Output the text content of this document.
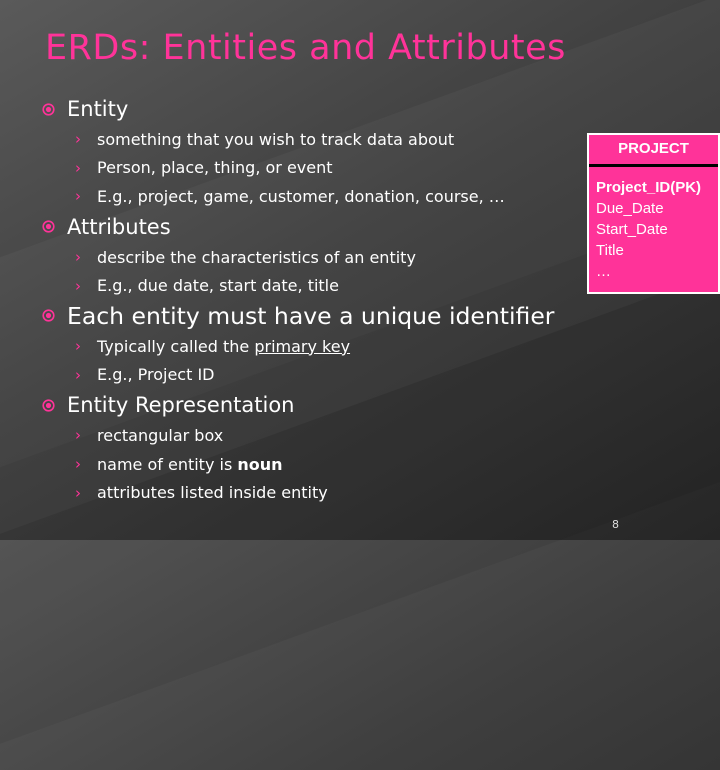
ERDs: Entities and Attributes
Entity
›	something that you wish to track data about
›	Person, place, thing, or event
›	E.g., project, game, customer, donation, course, …
Attributes
›	describe the characteristics of an entity
›	E.g., due date, start date, title
Each entity must have a unique identifier
›	Typically called the primary key
›	E.g., Project ID
Entity Representation
›	rectangular box
›	name of entity is noun
›	attributes listed inside entity
PROJECT
Project_ID(PK)
Due_Date
Start_Date
Title
…
8
